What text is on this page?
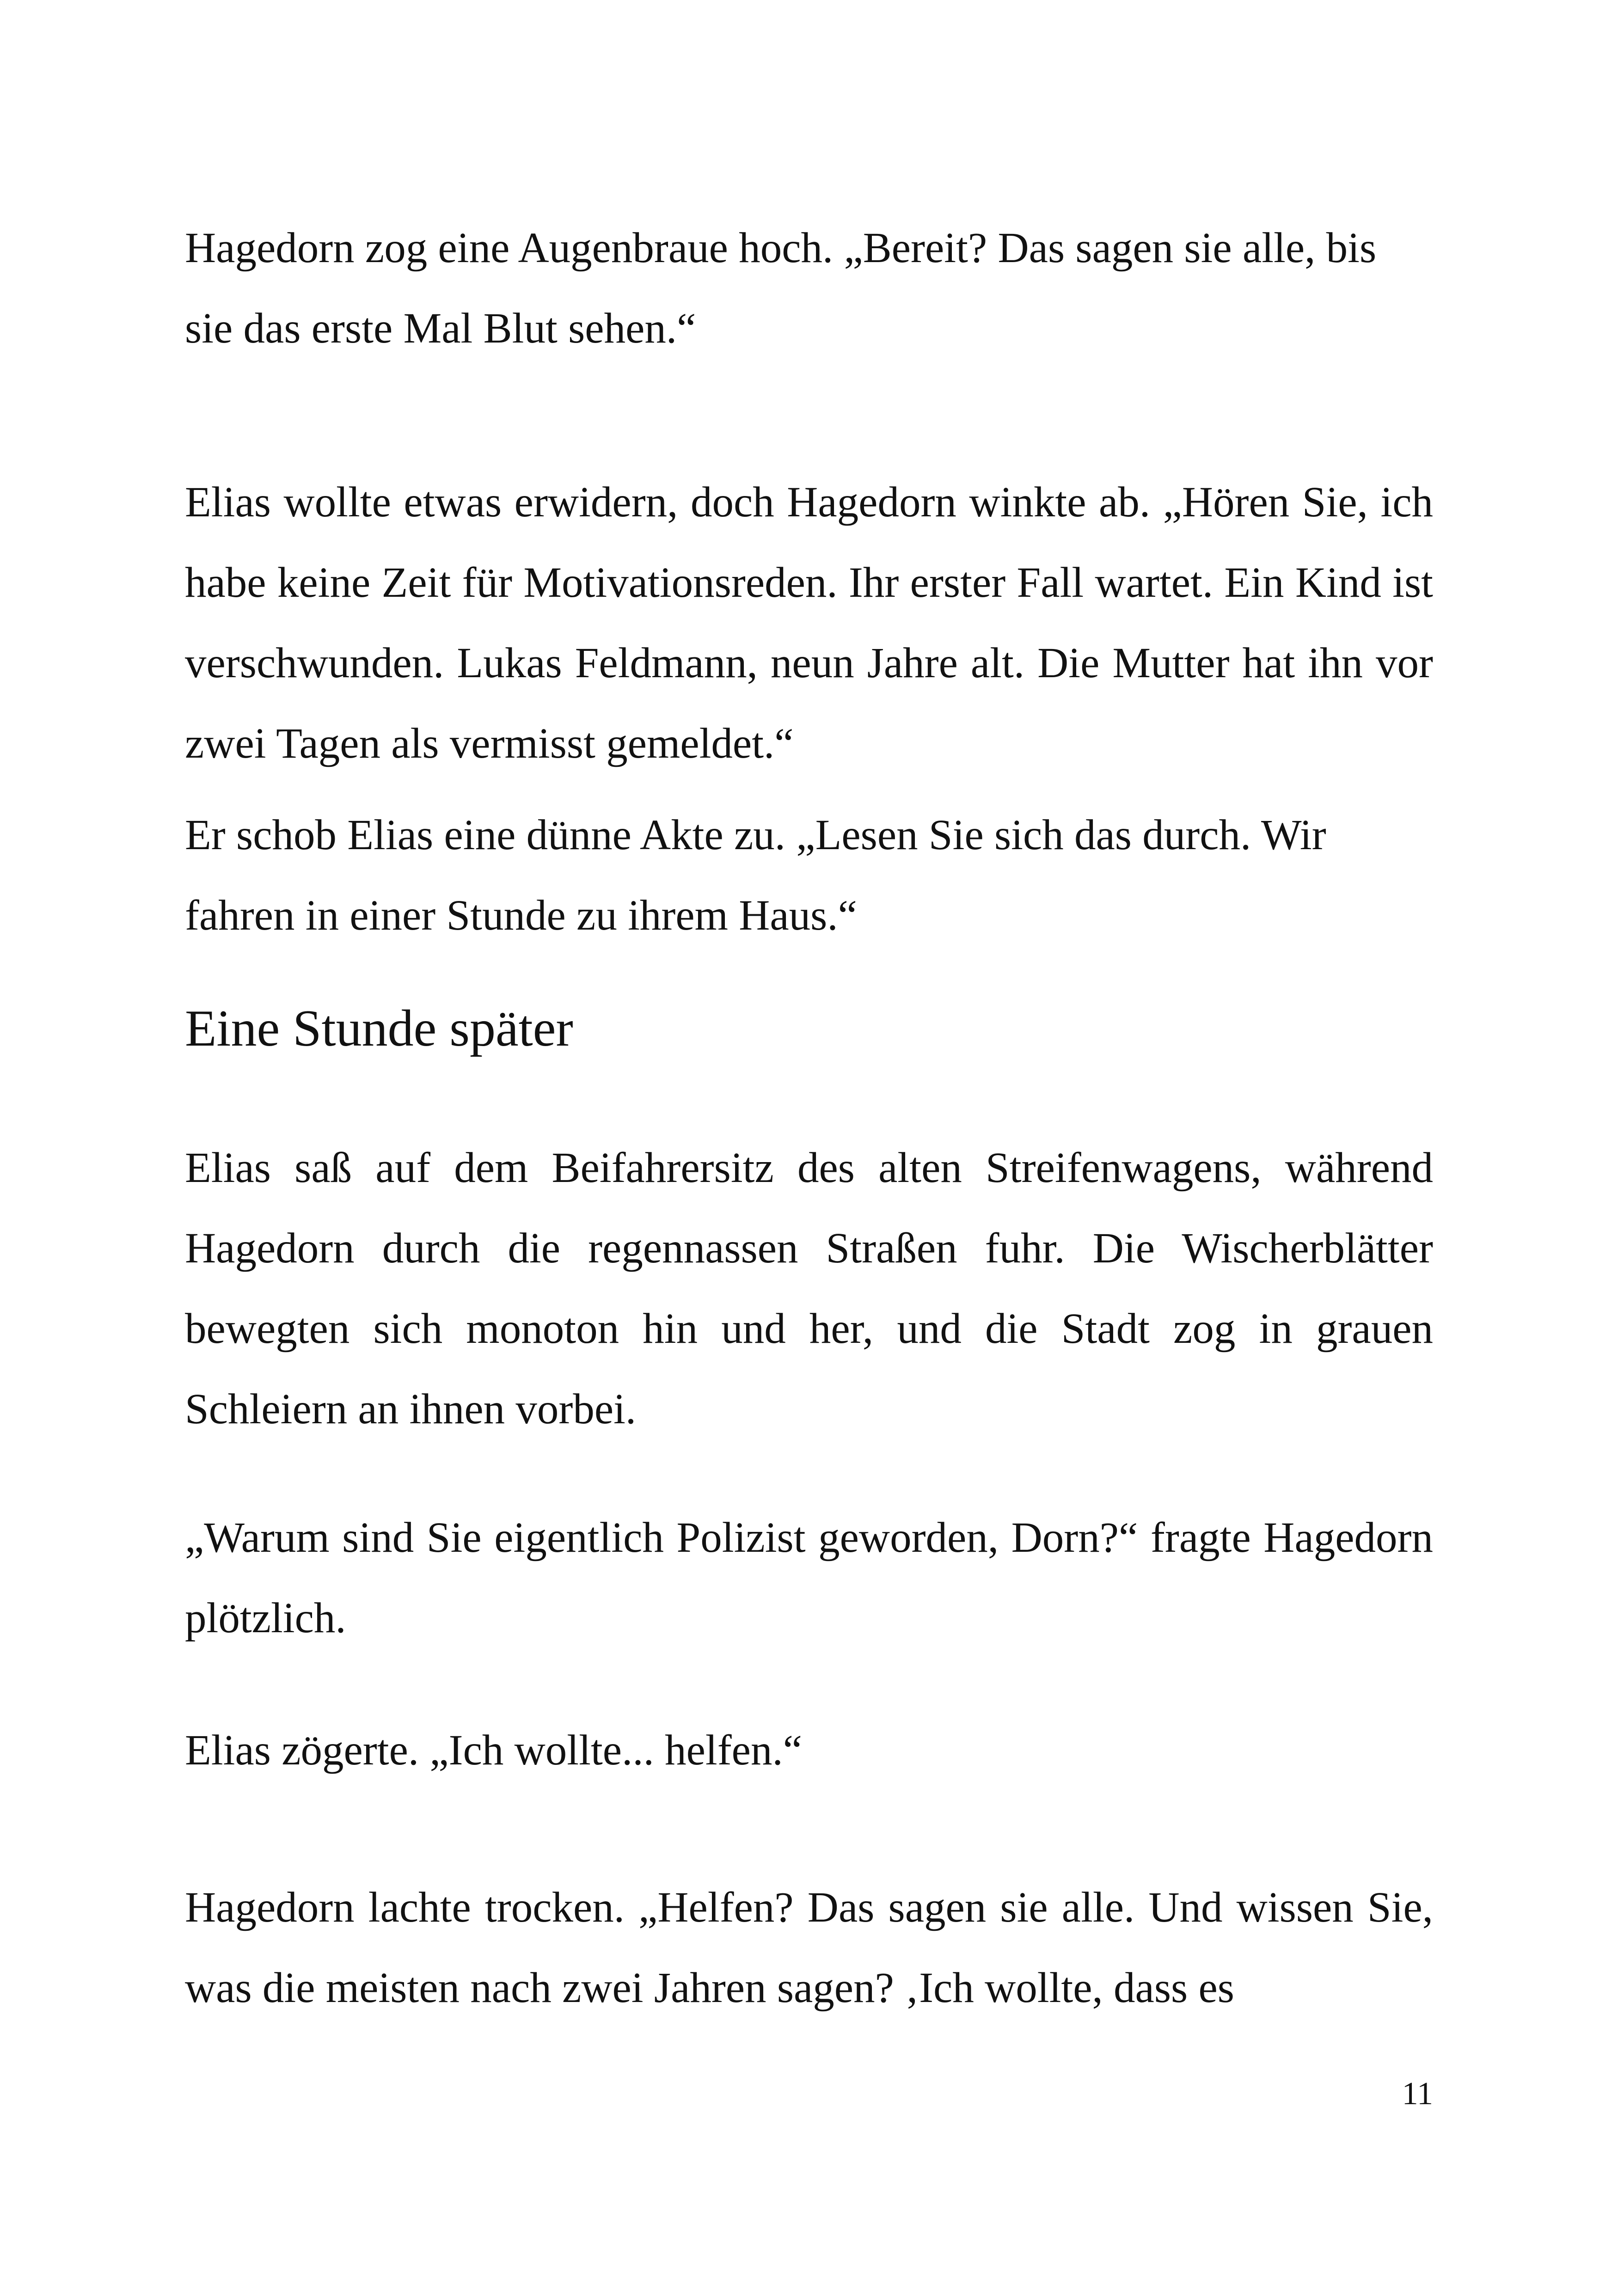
Hagedorn zog eine Augenbraue hoch. „Bereit? Das sagen sie alle, bis sie das erste Mal Blut sehen.“

Elias wollte etwas erwidern, doch Hagedorn winkte ab. „Hören Sie, ich habe keine Zeit für Motivationsreden. Ihr erster Fall wartet. Ein Kind ist verschwunden. Lukas Feldmann, neun Jahre alt. Die Mutter hat ihn vor zwei Tagen als vermisst gemeldet.“

Er schob Elias eine dünne Akte zu. „Lesen Sie sich das durch. Wir fahren in einer Stunde zu ihrem Haus.“

Eine Stunde später

Elias saß auf dem Beifahrersitz des alten Streifenwagens, während Hagedorn durch die regennassen Straßen fuhr. Die Wischerblätter bewegten sich monoton hin und her, und die Stadt zog in grauen Schleiern an ihnen vorbei.

„Warum sind Sie eigentlich Polizist geworden, Dorn?“ fragte Hagedorn plötzlich.

Elias zögerte. „Ich wollte... helfen.“

Hagedorn lachte trocken. „Helfen? Das sagen sie alle. Und wissen Sie, was die meisten nach zwei Jahren sagen? ‚Ich wollte, dass es

11
